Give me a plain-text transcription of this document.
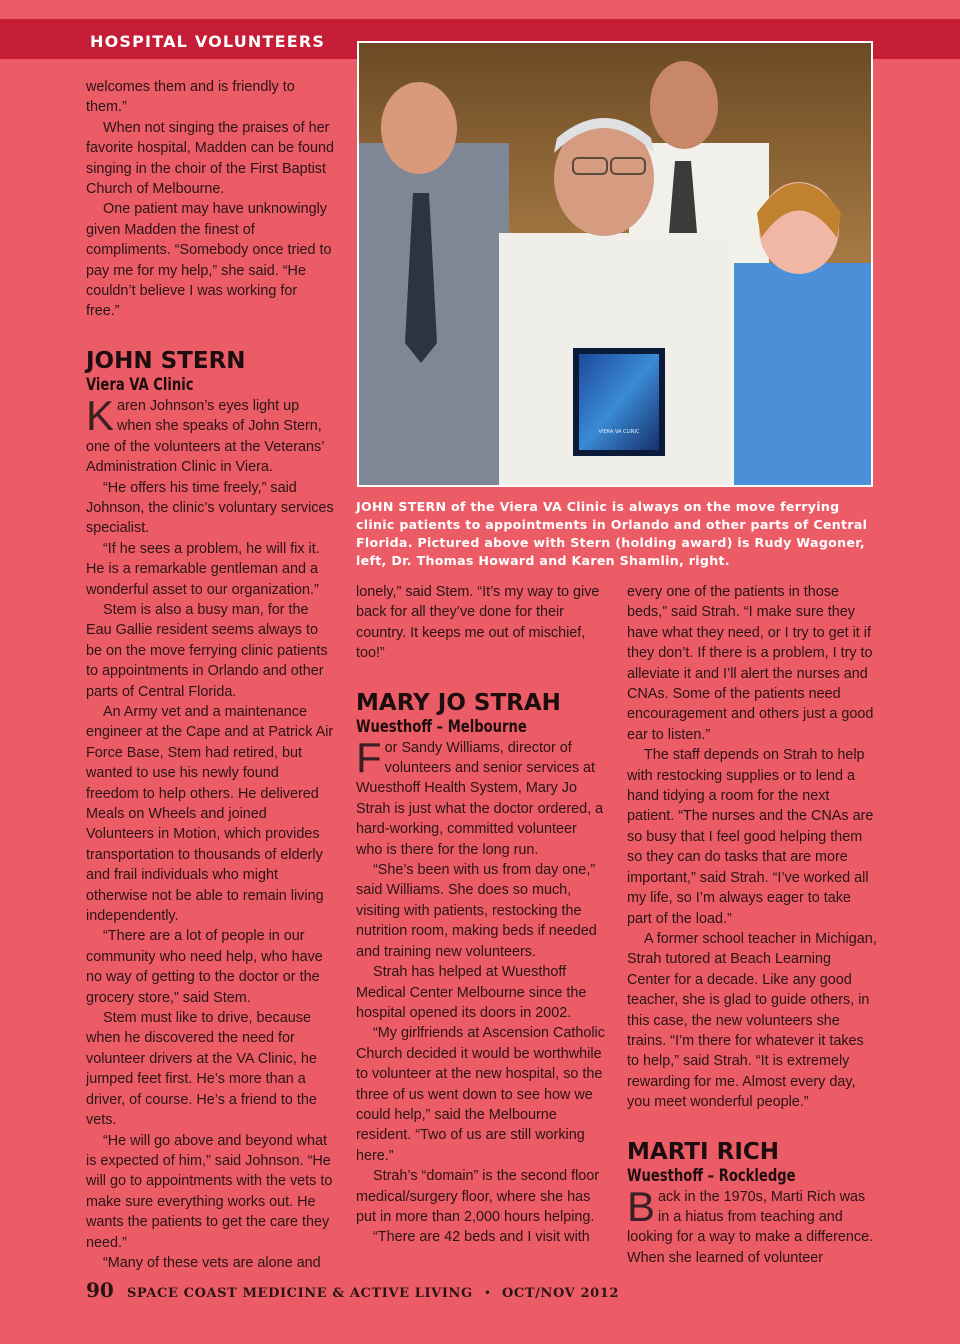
HOSPITAL VOLUNTEERS

welcomes them and is friendly to them.”

When not singing the praises of her favorite hospital, Madden can be found singing in the choir of the First Baptist Church of Melbourne.

One patient may have unknowingly given Madden the finest of compliments. “Somebody once tried to pay me for my help,” she said. “He couldn’t believe I was working for free.”

JOHN STERN
Viera VA Clinic

Karen Johnson’s eyes light up when she speaks of John Stern, one of the volunteers at the Veterans’ Administration Clinic in Viera.

“He offers his time freely,” said Johnson, the clinic’s voluntary services specialist.

“If he sees a problem, he will fix it. He is a remarkable gentleman and a wonderful asset to our organization.”

Stem is also a busy man, for the Eau Gallie resident seems always to be on the move ferrying clinic patients to appointments in Orlando and other parts of Central Florida.

An Army vet and a maintenance engineer at the Cape and at Patrick Air Force Base, Stem had retired, but wanted to use his newly found freedom to help others. He delivered Meals on Wheels and joined Volunteers in Motion, which provides transportation to thousands of elderly and frail individuals who might otherwise not be able to remain living independently.

“There are a lot of people in our community who need help, who have no way of getting to the doctor or the grocery store,” said Stem.

Stem must like to drive, because when he discovered the need for volunteer drivers at the VA Clinic, he jumped feet first. He’s more than a driver, of course. He’s a friend to the vets.

“He will go above and beyond what is expected of him,” said Johnson. “He will go to appointments with the vets to make sure everything works out. He wants the patients to get the care they need.”

“Many of these vets are alone and

VIERA VA CLINIC
JOHN STERN of the Viera VA Clinic is always on the move ferrying clinic patients to appointments in Orlando and other parts of Central Florida. Pictured above with Stern (holding award) is Rudy Wagoner, left, Dr. Thomas Howard and Karen Shamlin, right.

lonely,” said Stem. “It’s my way to give back for all they’ve done for their country. It keeps me out of mischief, too!”

MARY JO STRAH
Wuesthoff – Melbourne

For Sandy Williams, director of volunteers and senior services at Wuesthoff Health System, Mary Jo Strah is just what the doctor ordered, a hard-working, committed volunteer who is there for the long run.

“She’s been with us from day one,” said Williams. She does so much, visiting with patients, restocking the nutrition room, making beds if needed and training new volunteers.

Strah has helped at Wuesthoff Medical Center Melbourne since the hospital opened its doors in 2002.

“My girlfriends at Ascension Catholic Church decided it would be worthwhile to volunteer at the new hospital, so the three of us went down to see how we could help,” said the Melbourne resident. “Two of us are still working here.”

Strah’s “domain” is the second floor medical/surgery floor, where she has put in more than 2,000 hours helping.

“There are 42 beds and I visit with

every one of the patients in those beds,” said Strah. “I make sure they have what they need, or I try to get it if they don’t. If there is a problem, I try to alleviate it and I’ll alert the nurses and CNAs. Some of the patients need encouragement and others just a good ear to listen.”

The staff depends on Strah to help with restocking supplies or to lend a hand tidying a room for the next patient. “The nurses and the CNAs are so busy that I feel good helping them so they can do tasks that are more important,” said Strah. “I’ve worked all my life, so I’m always eager to take part of the load.”

A former school teacher in Michigan, Strah tutored at Beach Learning Center for a decade. Like any good teacher, she is glad to guide others, in this case, the new volunteers she trains. “I’m there for whatever it takes to help,” said Strah. “It is extremely rewarding for me. Almost every day, you meet wonderful people.”

MARTI RICH
Wuesthoff – Rockledge

Back in the 1970s, Marti Rich was in a hiatus from teaching and looking for a way to make a difference. When she learned of volunteer

90 SPACE COAST MEDICINE & ACTIVE LIVING • OCT/NOV 2012
